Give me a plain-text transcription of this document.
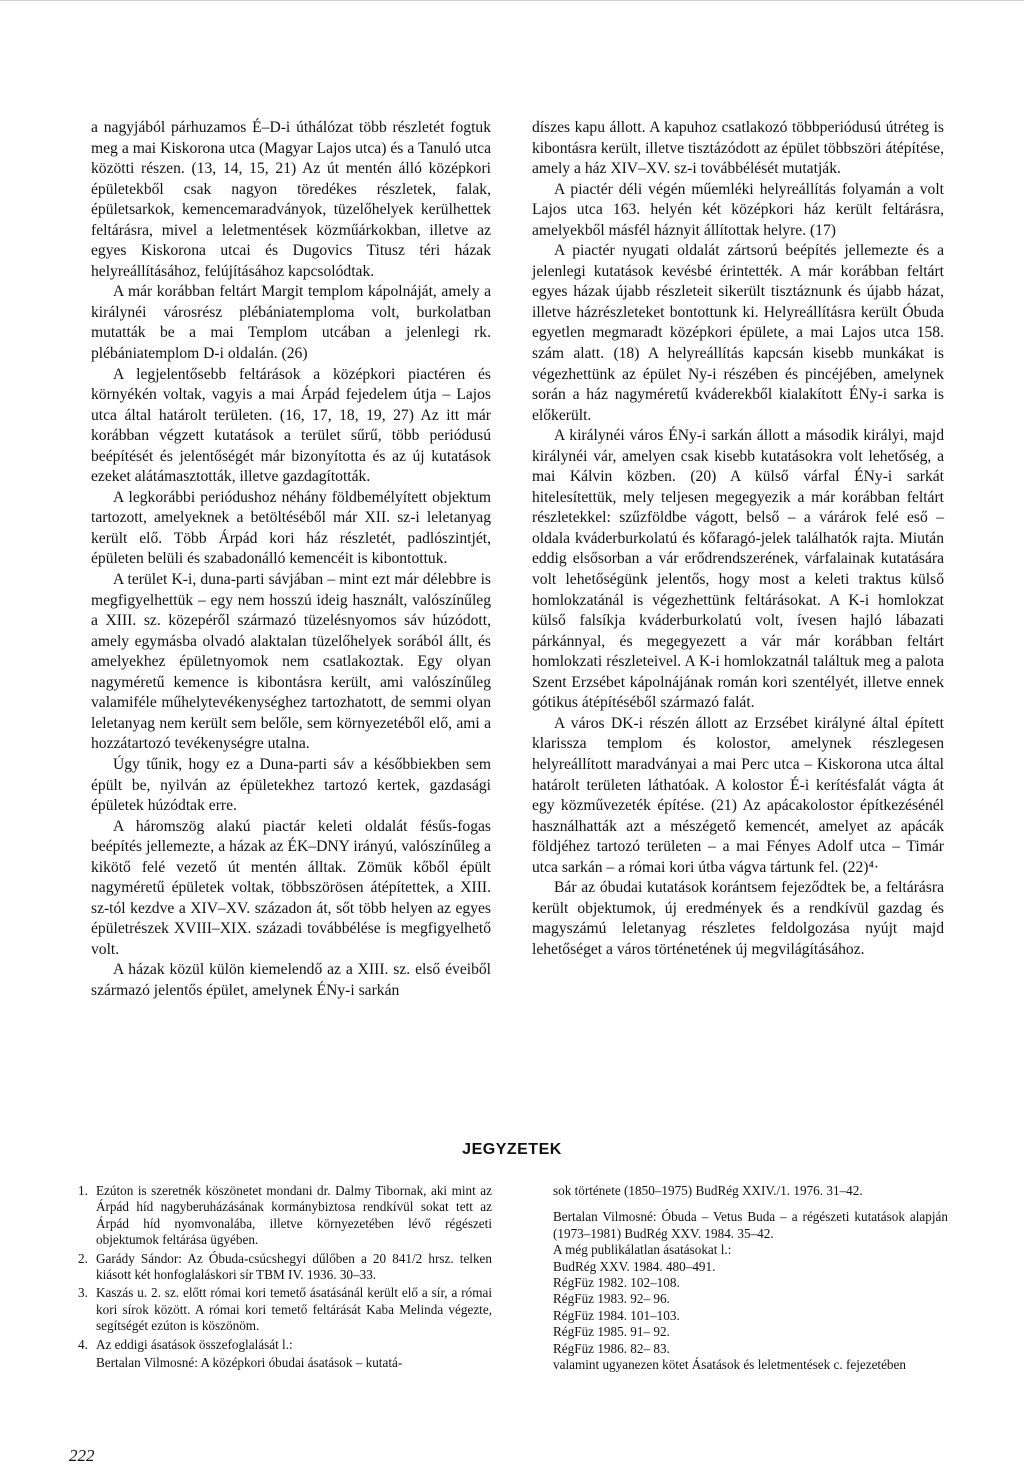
a nagyjából párhuzamos É–D-i úthálózat több részletét fogtuk meg a mai Kiskorona utca (Magyar Lajos utca) és a Tanuló utca közötti részen. (13, 14, 15, 21) Az út mentén álló középkori épületekből csak nagyon töredékes részletek, falak, épületsarkok, kemencemaradványok, tüzelőhelyek kerülhettek feltárásra, mivel a leletmentések közműárkokban, illetve az egyes Kiskorona utcai és Dugovics Titusz téri házak helyreállításához, felújításához kapcsolódtak.

A már korábban feltárt Margit templom kápolnáját, amely a királynéi városrész plébániatemploma volt, burkolatban mutatták be a mai Templom utcában a jelenlegi rk. plébániatemplom D-i oldalán. (26)

A legjelentősebb feltárások a középkori piactéren és környékén voltak, vagyis a mai Árpád fejedelem útja – Lajos utca által határolt területen. (16, 17, 18, 19, 27) Az itt már korábban végzett kutatások a terület sűrű, több periódusú beépítését és jelentőségét már bizonyította és az új kutatások ezeket alátámasztották, illetve gazdagították.

A legkorábbi periódushoz néhány földbemélyített objektum tartozott, amelyeknek a betöltéséből már XII. sz-i leletanyag került elő. Több Árpád kori ház részletét, padlószintjét, épületen belüli és szabadonálló kemencéit is kibontottuk.

A terület K-i, duna-parti sávjában – mint ezt már délebbre is megfigyelhettük – egy nem hosszú ideig használt, valószínűleg a XIII. sz. közepéről származó tüzelésnyomos sáv húzódott, amely egymásba olvadó alaktalan tüzelőhelyek sorából állt, és amelyekhez épületnyomok nem csatlakoztak. Egy olyan nagyméretű kemence is kibontásra került, ami valószínűleg valamiféle műhelytevékenységhez tartozhatott, de semmi olyan leletanyag nem került sem belőle, sem környezetéből elő, ami a hozzátartozó tevékenységre utalna.

Úgy tűnik, hogy ez a Duna-parti sáv a későbbiekben sem épült be, nyilván az épületekhez tartozó kertek, gazdasági épületek húzódtak erre.

A háromszög alakú piactár keleti oldalát fésűs-fogas beépítés jellemezte, a házak az ÉK–DNY irányú, valószínűleg a kikötő felé vezető út mentén álltak. Zömük kőből épült nagyméretű épületek voltak, többszörösen átépítettek, a XIII. sz-tól kezdve a XIV–XV. századon át, sőt több helyen az egyes épületrészek XVIII–XIX. századi továbbélése is megfigyelhető volt.

A házak közül külön kiemelendő az a XIII. sz. első éveiből származó jelentős épület, amelynek ÉNy-i sarkán

díszes kapu állott. A kapuhoz csatlakozó többperiódusú útréteg is kibontásra került, illetve tisztázódott az épület többszöri átépítése, amely a ház XIV–XV. sz-i továbbélését mutatják.

A piactér déli végén műemléki helyreállítás folyamán a volt Lajos utca 163. helyén két középkori ház került feltárásra, amelyekből másfél háznyit állítottak helyre. (17)

A piactér nyugati oldalát zártsorú beépítés jellemezte és a jelenlegi kutatások kevésbé érintették. A már korábban feltárt egyes házak újabb részleteit sikerült tisztáznunk és újabb házat, illetve házrészleteket bontottunk ki. Helyreállításra került Óbuda egyetlen megmaradt középkori épülete, a mai Lajos utca 158. szám alatt. (18) A helyreállítás kapcsán kisebb munkákat is végezhettünk az épület Ny-i részében és pincéjében, amelynek során a ház nagyméretű kváderekből kialakított ÉNy-i sarka is előkerült.

A királynéi város ÉNy-i sarkán állott a második királyi, majd királynéi vár, amelyen csak kisebb kutatásokra volt lehetőség, a mai Kálvin közben. (20) A külső várfal ÉNy-i sarkát hitelesítettük, mely teljesen megegyezik a már korábban feltárt részletekkel: szűzföldbe vágott, belső – a várárok felé eső – oldala kváderburkolatú és kőfaragó-jelek találhatók rajta. Miután eddig elsősorban a vár erődrendszerének, várfalainak kutatására volt lehetőségünk jelentős, hogy most a keleti traktus külső homlokzatánál is végezhettünk feltárásokat. A K-i homlokzat külső falsíkja kváderburkolatú volt, ívesen hajló lábazati párkánnyal, és megegyezett a vár már korábban feltárt homlokzati részleteivel. A K-i homlokzatnál találtuk meg a palota Szent Erzsébet kápolnájának román kori szentélyét, illetve ennek gótikus átépítéséből származó falát.

A város DK-i részén állott az Erzsébet királyné által épített klarissza templom és kolostor, amelynek részlegesen helyreállított maradványai a mai Perc utca – Kiskorona utca által határolt területen láthatóak. A kolostor É-i kerítésfalát vágta át egy közművezeték építése. (21) Az apácakolostor építkezésénél használhatták azt a mészégető kemencét, amelyet az apácák földjéhez tartozó területen – a mai Fényes Adolf utca – Timár utca sarkán – a római kori útba vágva tártunk fel. (22)⁴·

Bár az óbudai kutatások korántsem fejeződtek be, a feltárásra került objektumok, új eredmények és a rendkívül gazdag és magyszámú leletanyag részletes feldolgozása nyújt majd lehetőséget a város történetének új megvilágításához.

JEGYZETEK
1. Ezúton is szeretnék köszönetet mondani dr. Dalmy Tibornak, aki mint az Árpád híd nagyberuházásának kormánybiztosa rendkívül sokat tett az Árpád híd nyomvonalába, illetve környezetében lévő régészeti objektumok feltárása ügyében.
2. Garády Sándor: Az Óbuda-csúcshegyi dűlőben a 20 841/2 hrsz. telken kiásott két honfoglaláskori sír TBM IV. 1936. 30–33.
3. Kaszás u. 2. sz. előtt római kori temető ásatásánál került elő a sír, a római kori sírok között. A római kori temető feltárását Kaba Melinda végezte, segítségét ezúton is köszönöm.
4. Az eddigi ásatások összefoglalását l.:
Bertalan Vilmosné: A középkori óbudai ásatások – kutatá-

sok története (1850–1975) BudRég XXIV./1. 1976. 31–42.

Bertalan Vilmosné: Óbuda – Vetus Buda – a régészeti kutatások alapján (1973–1981) BudRég XXV. 1984. 35–42.

A még publikálatlan ásatásokat l.:

BudRég XXV. 1984. 480–491.

RégFüz 1982. 102–108.

RégFüz 1983. 92– 96.

RégFüz 1984. 101–103.

RégFüz 1985. 91– 92.

RégFüz 1986. 82– 83.

valamint ugyanezen kötet Ásatások és leletmentések c. fejezetében

222
